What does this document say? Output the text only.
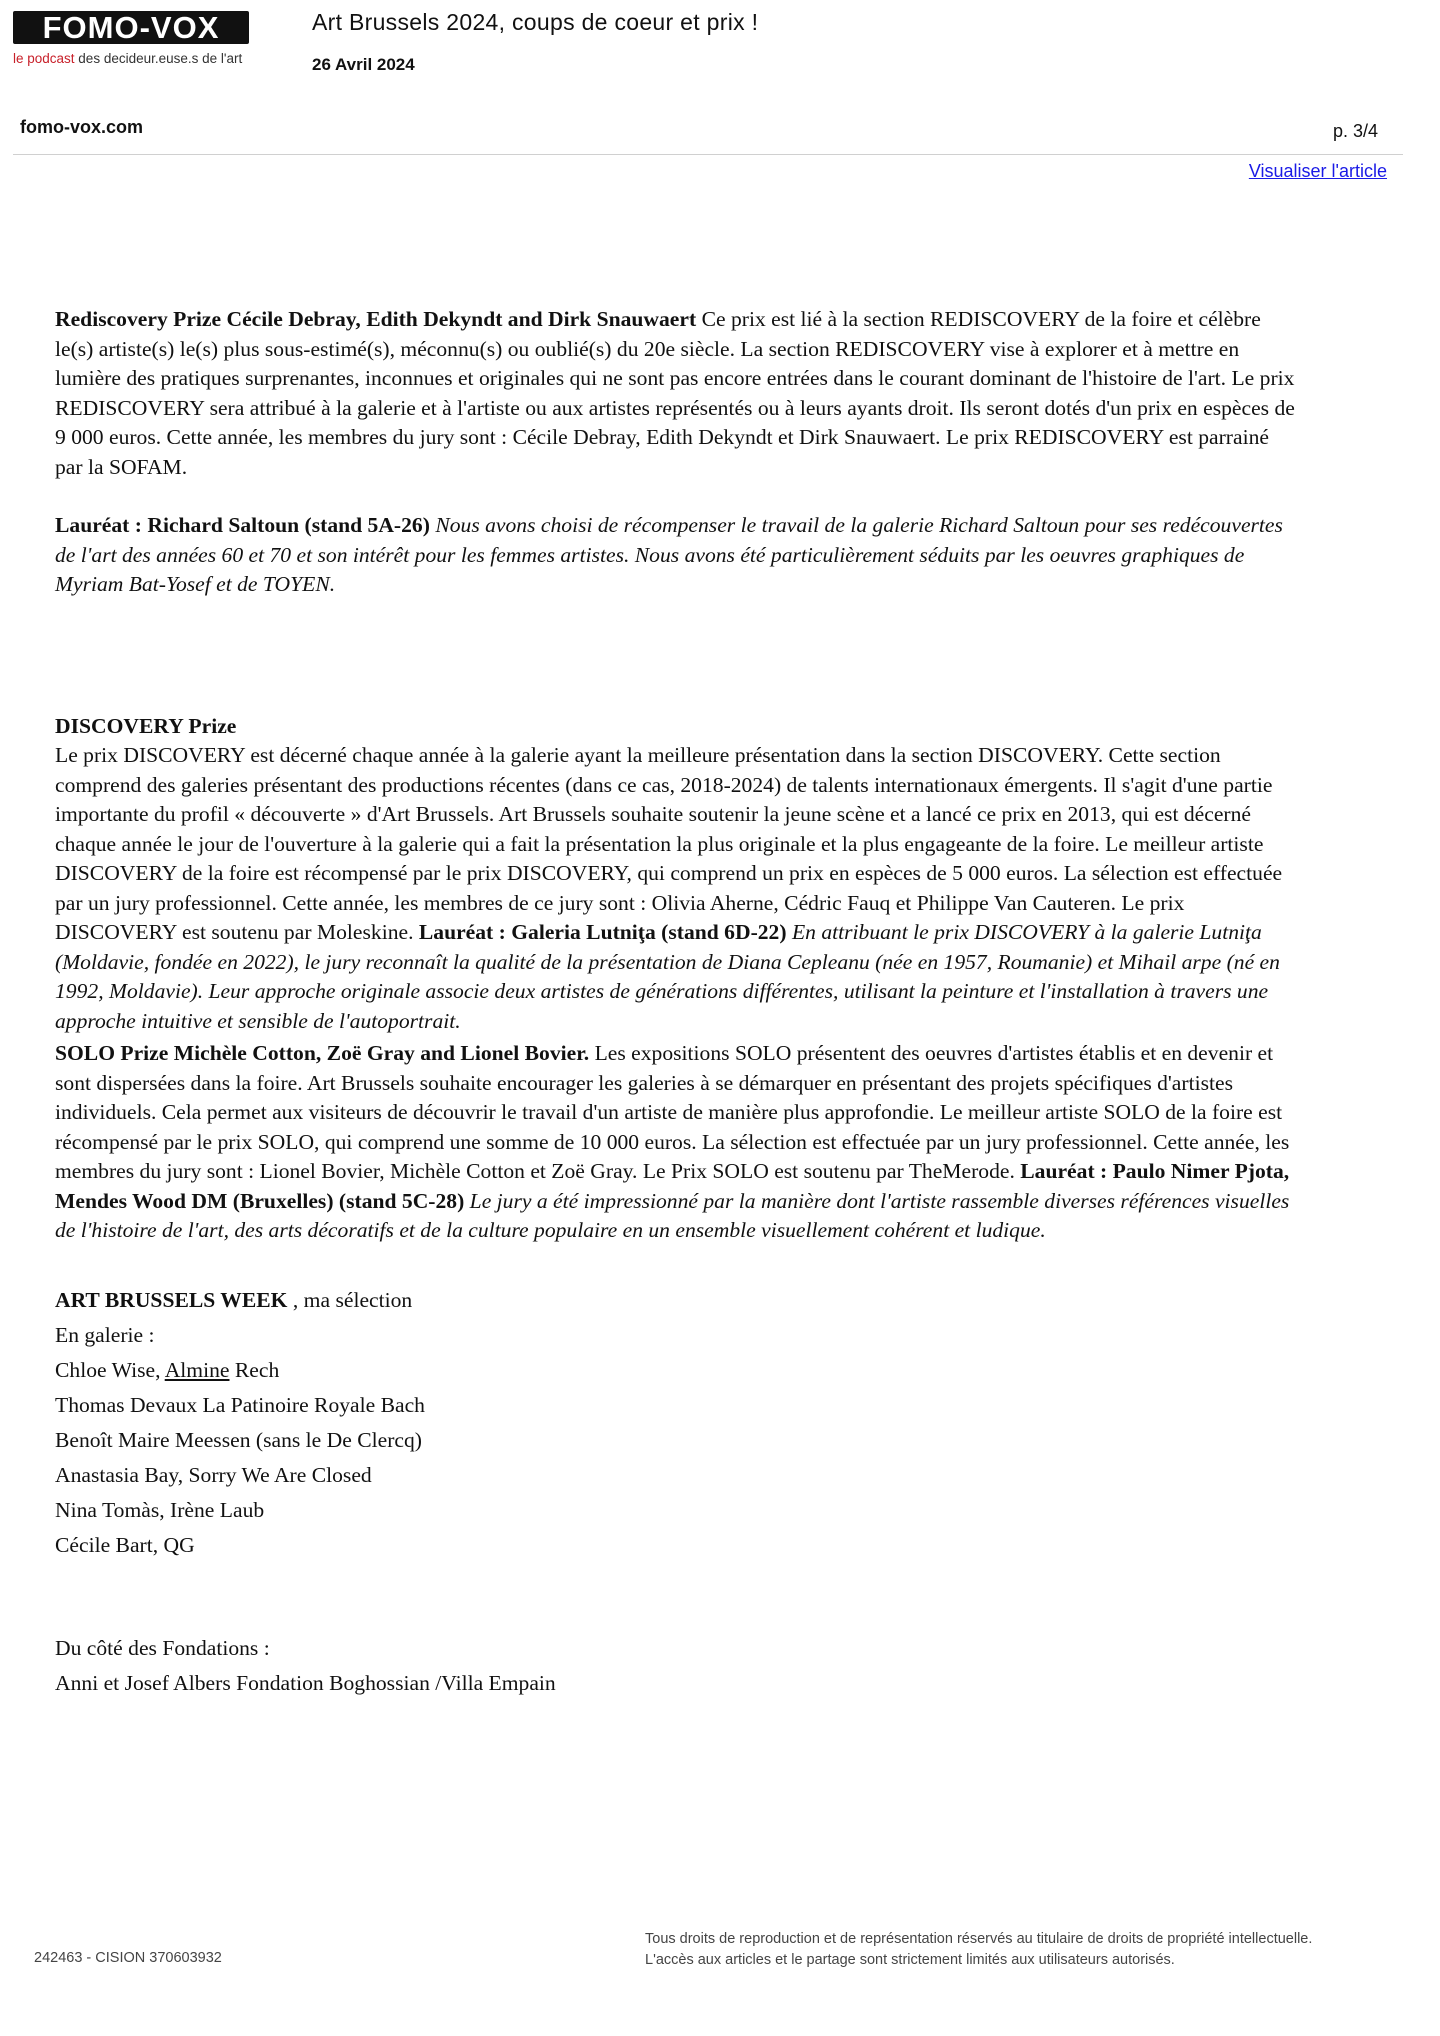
FOMO-VOX
le podcast des decideur.euse.s de l'art
Art Brussels 2024, coups de coeur et prix !
26 Avril 2024
fomo-vox.com	p. 3/4
Visualiser l'article

Rediscovery Prize Cécile Debray, Edith Dekyndt and Dirk Snauwaert Ce prix est lié à la section REDISCOVERY de la foire et célèbre le(s) artiste(s) le(s) plus sous-estimé(s), méconnu(s) ou oublié(s) du 20e siècle. La section REDISCOVERY vise à explorer et à mettre en lumière des pratiques surprenantes, inconnues et originales qui ne sont pas encore entrées dans le courant dominant de l'histoire de l'art. Le prix REDISCOVERY sera attribué à la galerie et à l'artiste ou aux artistes représentés ou à leurs ayants droit. Ils seront dotés d'un prix en espèces de 9 000 euros. Cette année, les membres du jury sont : Cécile Debray, Edith Dekyndt et Dirk Snauwaert. Le prix REDISCOVERY est parrainé par la SOFAM.

Lauréat : Richard Saltoun (stand 5A-26) Nous avons choisi de récompenser le travail de la galerie Richard Saltoun pour ses redécouvertes de l'art des années 60 et 70 et son intérêt pour les femmes artistes. Nous avons été particulièrement séduits par les oeuvres graphiques de Myriam Bat-Yosef et de TOYEN.

DISCOVERY Prize

Le prix DISCOVERY est décerné chaque année à la galerie ayant la meilleure présentation dans la section DISCOVERY. Cette section comprend des galeries présentant des productions récentes (dans ce cas, 2018-2024) de talents internationaux émergents. Il s'agit d'une partie importante du profil « découverte » d'Art Brussels. Art Brussels souhaite soutenir la jeune scène et a lancé ce prix en 2013, qui est décerné chaque année le jour de l'ouverture à la galerie qui a fait la présentation la plus originale et la plus engageante de la foire. Le meilleur artiste DISCOVERY de la foire est récompensé par le prix DISCOVERY, qui comprend un prix en espèces de 5 000 euros. La sélection est effectuée par un jury professionnel. Cette année, les membres de ce jury sont : Olivia Aherne, Cédric Fauq et Philippe Van Cauteren. Le prix DISCOVERY est soutenu par Moleskine. Lauréat : Galeria Lutniţa (stand 6D-22) En attribuant le prix DISCOVERY à la galerie Lutniţa (Moldavie, fondée en 2022), le jury reconnaît la qualité de la présentation de Diana Cepleanu (née en 1957, Roumanie) et Mihail arpe (né en 1992, Moldavie). Leur approche originale associe deux artistes de générations différentes, utilisant la peinture et l'installation à travers une approche intuitive et sensible de l'autoportrait.

SOLO Prize Michèle Cotton, Zoë Gray and Lionel Bovier. Les expositions SOLO présentent des oeuvres d'artistes établis et en devenir et sont dispersées dans la foire. Art Brussels souhaite encourager les galeries à se démarquer en présentant des projets spécifiques d'artistes individuels. Cela permet aux visiteurs de découvrir le travail d'un artiste de manière plus approfondie. Le meilleur artiste SOLO de la foire est récompensé par le prix SOLO, qui comprend une somme de 10 000 euros. La sélection est effectuée par un jury professionnel. Cette année, les membres du jury sont : Lionel Bovier, Michèle Cotton et Zoë Gray. Le Prix SOLO est soutenu par TheMerode. Lauréat : Paulo Nimer Pjota, Mendes Wood DM (Bruxelles) (stand 5C-28) Le jury a été impressionné par la manière dont l'artiste rassemble diverses références visuelles de l'histoire de l'art, des arts décoratifs et de la culture populaire en un ensemble visuellement cohérent et ludique.

ART BRUSSELS WEEK , ma sélection
En galerie :
Chloe Wise, Almine Rech
Thomas Devaux La Patinoire Royale Bach
Benoît Maire Meessen (sans le De Clercq)
Anastasia Bay, Sorry We Are Closed
Nina Tomàs, Irène Laub
Cécile Bart, QG
Du côté des Fondations :
Anni et Josef Albers Fondation Boghossian /Villa Empain
242463 - CISION 370603932
Tous droits de reproduction et de représentation réservés au titulaire de droits de propriété intellectuelle.
L'accès aux articles et le partage sont strictement limités aux utilisateurs autorisés.
